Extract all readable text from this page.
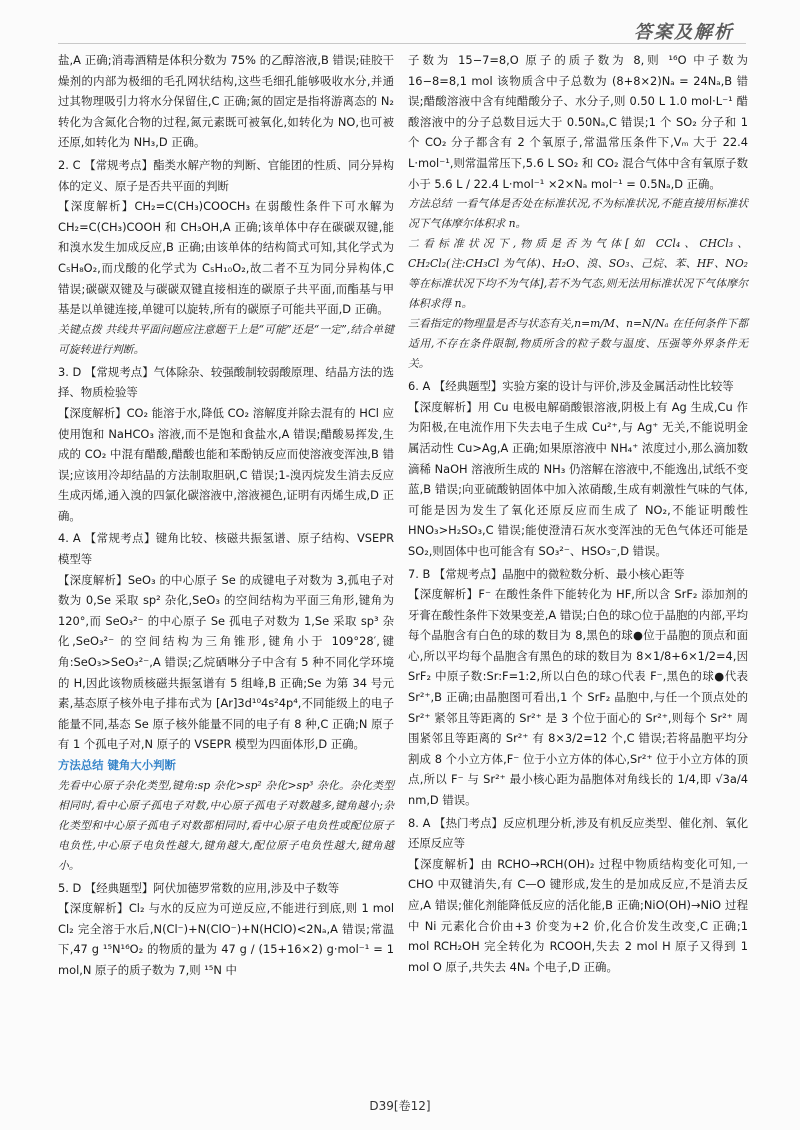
答案及解析

盐,A 正确;消毒酒精是体积分数为 75% 的乙醇溶液,B 错误;硅胶干燥剂的内部为极细的毛孔网状结构,这些毛细孔能够吸收水分,并通过其物理吸引力将水分保留住,C 正确;氮的固定是指将游离态的 N₂ 转化为含氮化合物的过程,氮元素既可被氧化,如转化为 NO,也可被还原,如转化为 NH₃,D 正确。

2. C 【常规考点】酯类水解产物的判断、官能团的性质、同分异构体的定义、原子是否共平面的判断

【深度解析】CH₂=C(CH₃)COOCH₃ 在弱酸性条件下可水解为 CH₂=C(CH₃)COOH 和 CH₃OH,A 正确;该单体中存在碳碳双键,能和溴水发生加成反应,B 正确;由该单体的结构简式可知,其化学式为 C₅H₈O₂,而戊酸的化学式为 C₅H₁₀O₂,故二者不互为同分异构体,C 错误;碳碳双键及与碳碳双键直接相连的碳原子共平面,而酯基与甲基是以单键连接,单键可以旋转,所有的碳原子可能共平面,D 正确。

关键点拨 共线共平面问题应注意题干上是“可能”还是“一定”,结合单键可旋转进行判断。

3. D 【常规考点】气体除杂、较强酸制较弱酸原理、结晶方法的选择、物质检验等

【深度解析】CO₂ 能溶于水,降低 CO₂ 溶解度并除去混有的 HCl 应使用饱和 NaHCO₃ 溶液,而不是饱和食盐水,A 错误;醋酸易挥发,生成的 CO₂ 中混有醋酸,醋酸也能和苯酚钠反应而使溶液变浑浊,B 错误;应该用冷却结晶的方法制取胆矾,C 错误;1-溴丙烷发生消去反应生成丙烯,通入溴的四氯化碳溶液中,溶液褪色,证明有丙烯生成,D 正确。

4. A 【常规考点】键角比较、核磁共振氢谱、原子结构、VSEPR 模型等

【深度解析】SeO₃ 的中心原子 Se 的成键电子对数为 3,孤电子对数为 0,Se 采取 sp² 杂化,SeO₃ 的空间结构为平面三角形,键角为 120°,而 SeO₃²⁻ 的中心原子 Se 孤电子对数为 1,Se 采取 sp³ 杂化,SeO₃²⁻ 的空间结构为三角锥形,键角小于 109°28′,键角:SeO₃>SeO₃²⁻,A 错误;乙烷硒啉分子中含有 5 种不同化学环境的 H,因此该物质核磁共振氢谱有 5 组峰,B 正确;Se 为第 34 号元素,基态原子核外电子排布式为 [Ar]3d¹⁰4s²4p⁴,不同能级上的电子能量不同,基态 Se 原子核外能量不同的电子有 8 种,C 正确;N 原子有 1 个孤电子对,N 原子的 VSEPR 模型为四面体形,D 正确。

方法总结 键角大小判断

先看中心原子杂化类型,键角:sp 杂化>sp² 杂化>sp³ 杂化。杂化类型相同时,看中心原子孤电子对数,中心原子孤电子对数越多,键角越小;杂化类型和中心原子孤电子对数都相同时,看中心原子电负性或配位原子电负性,中心原子电负性越大,键角越大,配位原子电负性越大,键角越小。

5. D 【经典题型】阿伏加德罗常数的应用,涉及中子数等

【深度解析】Cl₂ 与水的反应为可逆反应,不能进行到底,则 1 mol Cl₂ 完全溶于水后,N(Cl⁻)+N(ClO⁻)+N(HClO)<2Nₐ,A 错误;常温下,47 g ¹⁵N¹⁶O₂ 的物质的量为 47 g / (15+16×2) g·mol⁻¹ = 1 mol,N 原子的质子数为 7,则 ¹⁵N 中

子数为 15−7=8,O 原子的质子数为 8,则 ¹⁶O 中子数为 16−8=8,1 mol 该物质含中子总数为 (8+8×2)Nₐ = 24Nₐ,B 错误;醋酸溶液中含有纯醋酸分子、水分子,则 0.50 L 1.0 mol·L⁻¹ 醋酸溶液中的分子总数目远大于 0.50Nₐ,C 错误;1 个 SO₂ 分子和 1 个 CO₂ 分子都含有 2 个氧原子,常温常压条件下,Vₘ 大于 22.4 L·mol⁻¹,则常温常压下,5.6 L SO₂ 和 CO₂ 混合气体中含有氧原子数小于 5.6 L / 22.4 L·mol⁻¹ ×2×Nₐ mol⁻¹ = 0.5Nₐ,D 正确。

方法总结 一看气体是否处在标准状况,不为标准状况,不能直接用标准状况下气体摩尔体积求 n。

二看标准状况下,物质是否为气体[如 CCl₄、CHCl₃、CH₂Cl₂(注:CH₃Cl 为气体)、H₂O、溴、SO₃、己烷、苯、HF、NO₂ 等在标准状况下均不为气体],若不为气态,则无法用标准状况下气体摩尔体积求得 n。

三看指定的物理量是否与状态有关,n=m/M、n=N/Nₐ 在任何条件下都适用,不存在条件限制,物质所含的粒子数与温度、压强等外界条件无关。

6. A 【经典题型】实验方案的设计与评价,涉及金属活动性比较等

【深度解析】用 Cu 电极电解硝酸银溶液,阴极上有 Ag 生成,Cu 作为阳极,在电流作用下失去电子生成 Cu²⁺,与 Ag⁺ 无关,不能说明金属活动性 Cu>Ag,A 正确;如果原溶液中 NH₄⁺ 浓度过小,那么滴加数滴稀 NaOH 溶液所生成的 NH₃ 仍溶解在溶液中,不能逸出,试纸不变蓝,B 错误;向亚硫酸钠固体中加入浓硝酸,生成有刺激性气味的气体,可能是因为发生了氧化还原反应而生成了 NO₂,不能证明酸性 HNO₃>H₂SO₃,C 错误;能使澄清石灰水变浑浊的无色气体还可能是 SO₂,则固体中也可能含有 SO₃²⁻、HSO₃⁻,D 错误。

7. B 【常规考点】晶胞中的微粒数分析、最小核心距等

【深度解析】F⁻ 在酸性条件下能转化为 HF,所以含 SrF₂ 添加剂的牙膏在酸性条件下效果变差,A 错误;白色的球○位于晶胞的内部,平均每个晶胞含有白色的球的数目为 8,黑色的球●位于晶胞的顶点和面心,所以平均每个晶胞含有黑色的球的数目为 8×1/8+6×1/2=4,因 SrF₂ 中原子数:Sr:F=1:2,所以白色的球○代表 F⁻,黑色的球●代表 Sr²⁺,B 正确;由晶胞图可看出,1 个 SrF₂ 晶胞中,与任一个顶点处的 Sr²⁺ 紧邻且等距离的 Sr²⁺ 是 3 个位于面心的 Sr²⁺,则每个 Sr²⁺ 周围紧邻且等距离的 Sr²⁺ 有 8×3/2=12 个,C 错误;若将晶胞平均分割成 8 个小立方体,F⁻ 位于小立方体的体心,Sr²⁺ 位于小立方体的顶点,所以 F⁻ 与 Sr²⁺ 最小核心距为晶胞体对角线长的 1/4,即 √3a/4 nm,D 错误。

8. A 【热门考点】反应机理分析,涉及有机反应类型、催化剂、氧化还原反应等

【深度解析】由 RCHO→RCH(OH)₂ 过程中物质结构变化可知,一 CHO 中双键消失,有 C—O 键形成,发生的是加成反应,不是消去反应,A 错误;催化剂能降低反应的活化能,B 正确;NiO(OH)→NiO 过程中 Ni 元素化合价由+3 价变为+2 价,化合价发生改变,C 正确;1 mol RCH₂OH 完全转化为 RCOOH,失去 2 mol H 原子又得到 1 mol O 原子,共失去 4Nₐ 个电子,D 正确。

D39[卷12]
